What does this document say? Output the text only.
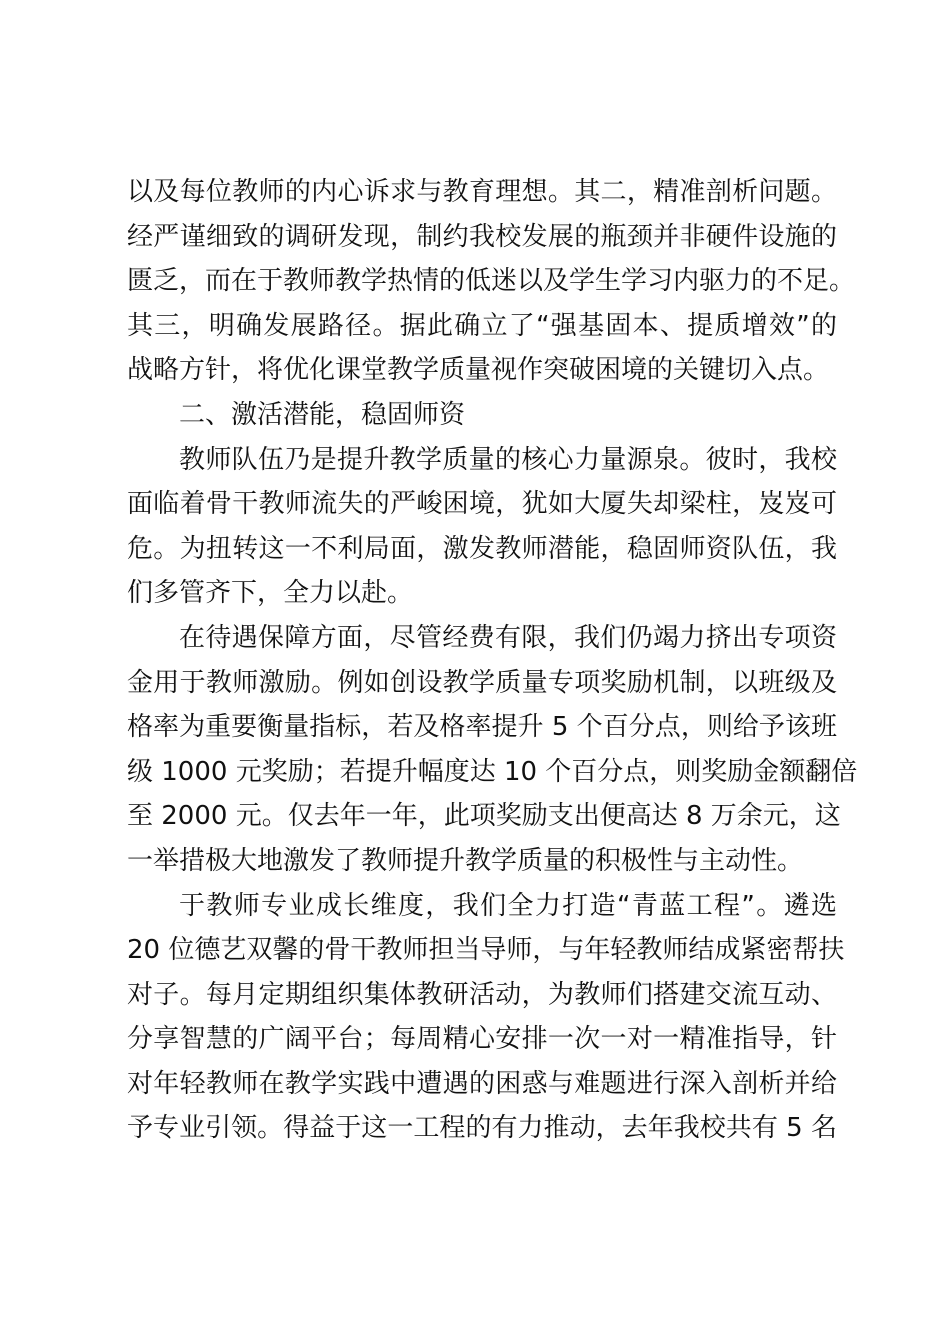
以及每位教师的内心诉求与教育理想。其二，精准剖析问题。
经严谨细致的调研发现，制约我校发展的瓶颈并非硬件设施的
匮乏，而在于教师教学热情的低迷以及学生学习内驱力的不足。
其三，明确发展路径。据此确立了“强基固本、提质增效”的
战略方针，将优化课堂教学质量视作突破困境的关键切入点。
二、激活潜能，稳固师资
教师队伍乃是提升教学质量的核心力量源泉。彼时，我校
面临着骨干教师流失的严峻困境，犹如大厦失却梁柱，岌岌可
危。为扭转这一不利局面，激发教师潜能，稳固师资队伍，我
们多管齐下，全力以赴。
在待遇保障方面，尽管经费有限，我们仍竭力挤出专项资
金用于教师激励。例如创设教学质量专项奖励机制，以班级及
格率为重要衡量指标，若及格率提升 5 个百分点，则给予该班
级 1000 元奖励；若提升幅度达 10 个百分点，则奖励金额翻倍
至 2000 元。仅去年一年，此项奖励支出便高达 8 万余元，这
一举措极大地激发了教师提升教学质量的积极性与主动性。
于教师专业成长维度，我们全力打造“青蓝工程”。遴选
20 位德艺双馨的骨干教师担当导师，与年轻教师结成紧密帮扶
对子。每月定期组织集体教研活动，为教师们搭建交流互动、
分享智慧的广阔平台；每周精心安排一次一对一精准指导，针
对年轻教师在教学实践中遭遇的困惑与难题进行深入剖析并给
予专业引领。得益于这一工程的有力推动，去年我校共有 5 名
